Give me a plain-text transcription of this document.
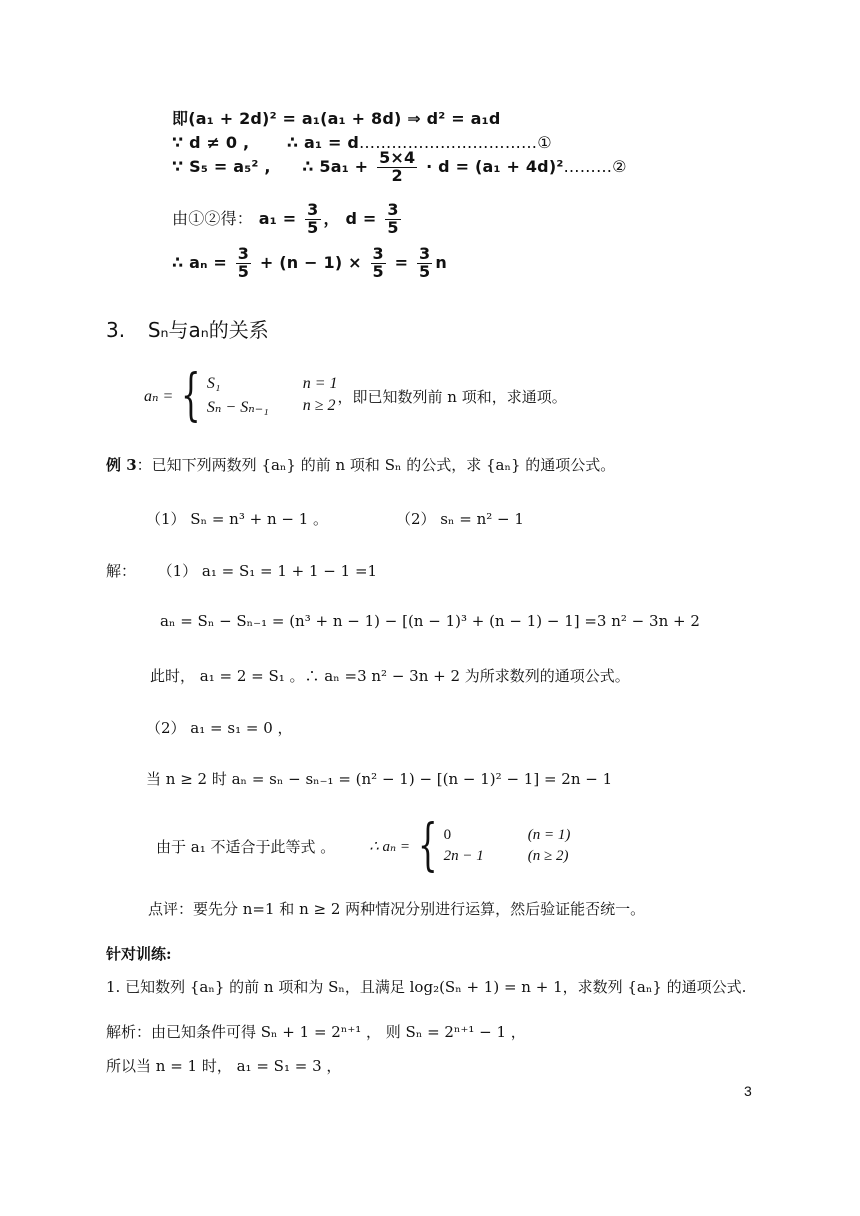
即(a₁ + 2d)² = a₁(a₁ + 8d) ⇒ d² = a₁d
∵ d ≠ 0 , ∴ a₁ = d……………………………①
∵ S₅ = a₅² , ∴ $5a_1 + \frac{5\times 4}{2} \cdot d = (a_1$ + 4d)²………②
由①②得： $a_1 = \frac{3}{5}$ ， $d = \frac{3}{5}$
∴ $a_n = \frac{3}{5} + (n - 1) \times \frac{3}{5} = \frac{3}{5}$ n
3. Sₙ与aₙ的关系
aₙ = { S₁	n = 1
Sₙ − Sₙ₋₁ n ≥ 2 ，即已知数列前 n 项和，求通项。
例 3：已知下列两数列 {aₙ} 的前 n 项和 Sₙ 的公式，求 {aₙ} 的通项公式。
（1） Sₙ = n³ + n − 1 。	（2） sₙ = n² − 1
解： （1） a₁ = S₁ = 1 + 1 − 1 =1
aₙ = Sₙ − Sₙ₋₁ = (n³ + n − 1) − [(n − 1)³ + (n − 1) − 1] =3 n² − 3n + 2
此时， a₁ = 2 = S₁ 。∴ aₙ =3 n² − 3n + 2 为所求数列的通项公式。
（2） a₁ = s₁ = 0 ，
当 n ≥ 2 时 aₙ = sₙ − sₙ₋₁ = (n² − 1) − [(n − 1)² − 1] = 2n − 1
由于 a₁ 不适合于此等式 。 ∴ aₙ = { 0	(n = 1)
2n − 1	(n ≥ 2)
点评：要先分 n=1 和 n ≥ 2 两种情况分别进行运算，然后验证能否统一。
针对训练:
1. 已知数列 {aₙ} 的前 n 项和为 Sₙ，且满足 log₂(Sₙ + 1) = n + 1，求数列 {aₙ} 的通项公式.
解析：由已知条件可得 Sₙ + 1 = 2ⁿ⁺¹ ， 则 Sₙ = 2ⁿ⁺¹ − 1 ，
所以当 n = 1 时， a₁ = S₁ = 3 ，
3
